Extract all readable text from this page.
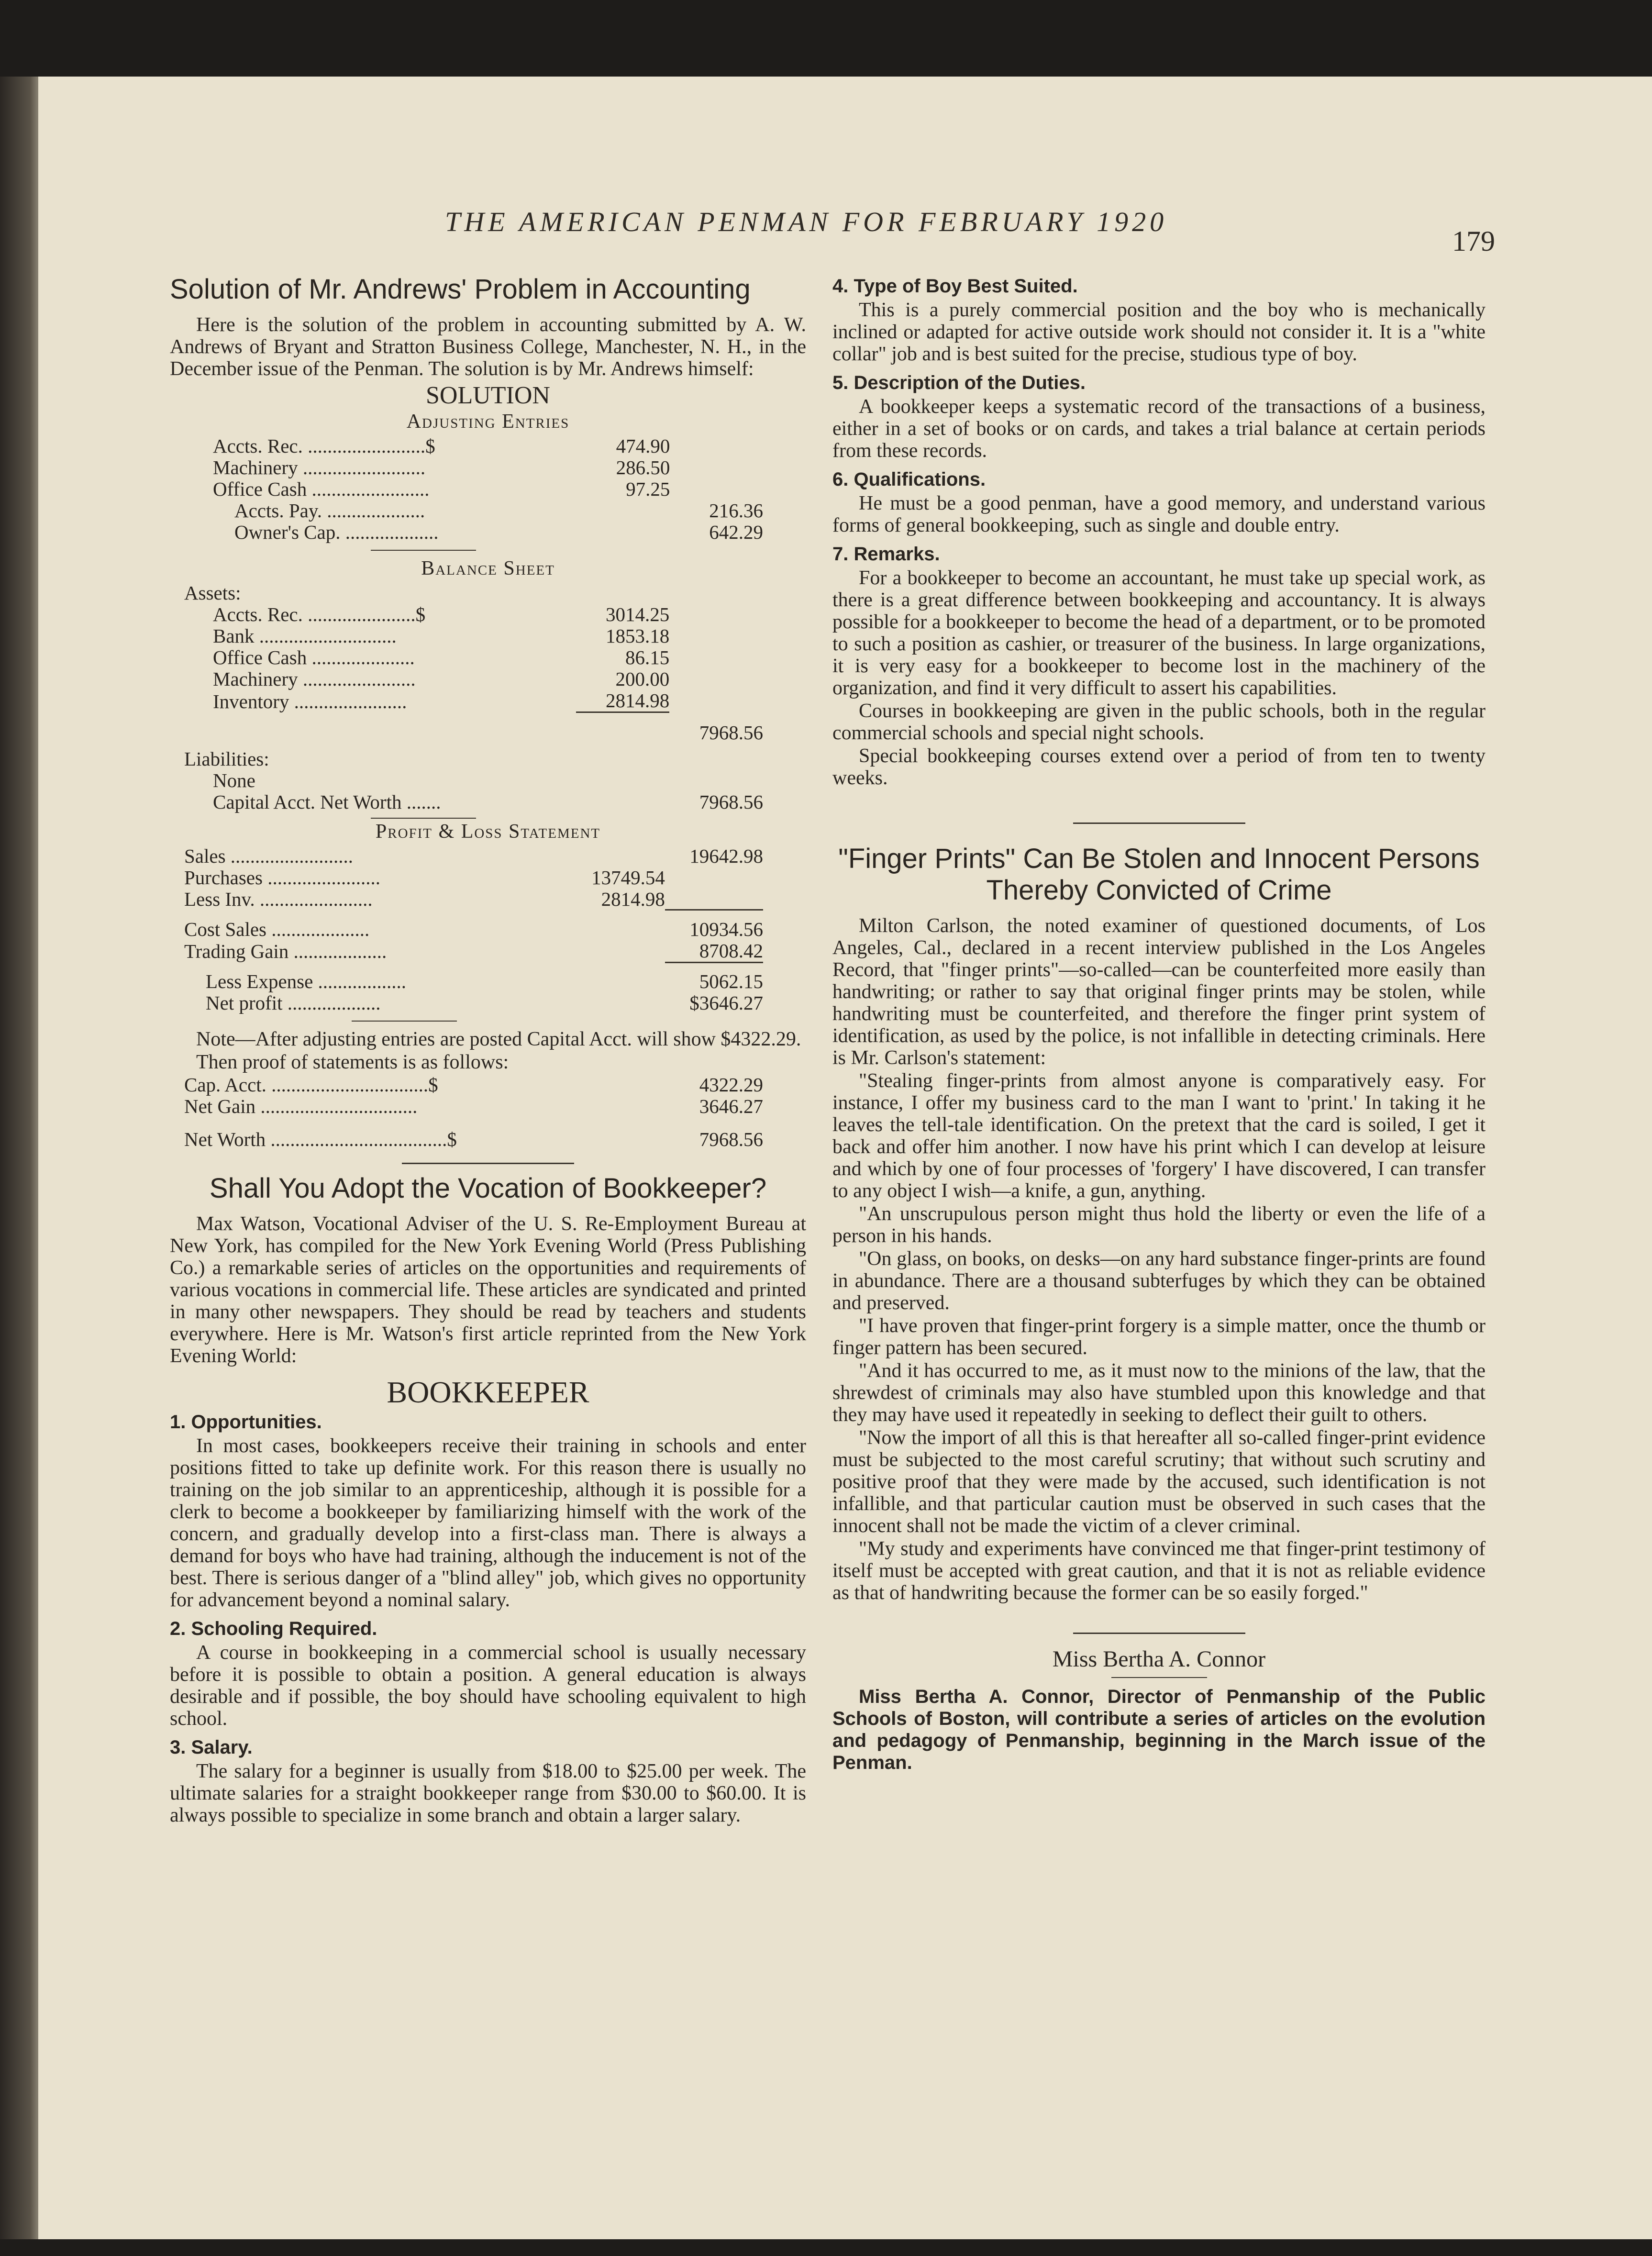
THE AMERICAN PENMAN FOR FEBRUARY 1920
179
Solution of Mr. Andrews' Problem in Accounting

Here is the solution of the problem in accounting submitted by A. W. Andrews of Bryant and Stratton Business College, Manchester, N. H., in the December issue of the Penman. The solution is by Mr. Andrews himself:

SOLUTION
Adjusting Entries
Accts. Rec. ........................$	474.90	
Machinery .........................	286.50	
Office Cash ........................	97.25	
Accts. Pay. ....................		216.36
Owner's Cap. ...................		642.29
Balance Sheet
Assets:		
Accts. Rec. ......................$	3014.25	
Bank ............................	1853.18	
Office Cash .....................	86.15	
Machinery .......................	200.00	
Inventory .......................	2814.98	

		7968.56
Liabilities:		
None		
Capital Acct. Net Worth .......		7968.56
Profit & Loss Statement
Sales .........................		19642.98
Purchases .......................	13749.54	
Less Inv. .......................	2814.98	

Cost Sales ....................		10934.56
Trading Gain ...................		8708.42

Less Expense ..................		5062.15
Net profit ...................		$3646.27

Note—After adjusting entries are posted Capital Acct. will show $4322.29.

Then proof of statements is as follows:

Cap. Acct. ................................$	4322.29
Net Gain ................................	3646.27

Net Worth ....................................$	7968.56
Shall You Adopt the Vocation of Bookkeeper?

Max Watson, Vocational Adviser of the U. S. Re-Employment Bureau at New York, has compiled for the New York Evening World (Press Publishing Co.) a remarkable series of articles on the opportunities and requirements of various vocations in commercial life. These articles are syndicated and printed in many other newspapers. They should be read by teachers and students everywhere. Here is Mr. Watson's first article reprinted from the New York Evening World:

BOOKKEEPER
1. Opportunities.

In most cases, bookkeepers receive their training in schools and enter positions fitted to take up definite work. For this reason there is usually no training on the job similar to an apprenticeship, although it is possible for a clerk to become a bookkeeper by familiarizing himself with the work of the concern, and gradually develop into a first-class man. There is always a demand for boys who have had training, although the inducement is not of the best. There is serious danger of a "blind alley" job, which gives no opportunity for advancement beyond a nominal salary.

2. Schooling Required.

A course in bookkeeping in a commercial school is usually necessary before it is possible to obtain a position. A general education is always desirable and if possible, the boy should have schooling equivalent to high school.

3. Salary.

The salary for a beginner is usually from $18.00 to $25.00 per week. The ultimate salaries for a straight bookkeeper range from $30.00 to $60.00. It is always possible to specialize in some branch and obtain a larger salary.

4. Type of Boy Best Suited.

This is a purely commercial position and the boy who is mechanically inclined or adapted for active outside work should not consider it. It is a "white collar" job and is best suited for the precise, studious type of boy.

5. Description of the Duties.

A bookkeeper keeps a systematic record of the transactions of a business, either in a set of books or on cards, and takes a trial balance at certain periods from these records.

6. Qualifications.

He must be a good penman, have a good memory, and understand various forms of general bookkeeping, such as single and double entry.

7. Remarks.

For a bookkeeper to become an accountant, he must take up special work, as there is a great difference between bookkeeping and accountancy. It is always possible for a bookkeeper to become the head of a department, or to be promoted to such a position as cashier, or treasurer of the business. In large organizations, it is very easy for a bookkeeper to become lost in the machinery of the organization, and find it very difficult to assert his capabilities.

Courses in bookkeeping are given in the public schools, both in the regular commercial schools and special night schools.

Special bookkeeping courses extend over a period of from ten to twenty weeks.

"Finger Prints" Can Be Stolen and Innocent Persons Thereby Convicted of Crime

Milton Carlson, the noted examiner of questioned documents, of Los Angeles, Cal., declared in a recent interview published in the Los Angeles Record, that "finger prints"—so-called—can be counterfeited more easily than handwriting; or rather to say that original finger prints may be stolen, while handwriting must be counterfeited, and therefore the finger print system of identification, as used by the police, is not infallible in detecting criminals. Here is Mr. Carlson's statement:

"Stealing finger-prints from almost anyone is comparatively easy. For instance, I offer my business card to the man I want to 'print.' In taking it he leaves the tell-tale identification. On the pretext that the card is soiled, I get it back and offer him another. I now have his print which I can develop at leisure and which by one of four processes of 'forgery' I have discovered, I can transfer to any object I wish—a knife, a gun, anything.

"An unscrupulous person might thus hold the liberty or even the life of a person in his hands.

"On glass, on books, on desks—on any hard substance finger-prints are found in abundance. There are a thousand subterfuges by which they can be obtained and preserved.

"I have proven that finger-print forgery is a simple matter, once the thumb or finger pattern has been secured.

"And it has occurred to me, as it must now to the minions of the law, that the shrewdest of criminals may also have stumbled upon this knowledge and that they may have used it repeatedly in seeking to deflect their guilt to others.

"Now the import of all this is that hereafter all so-called finger-print evidence must be subjected to the most careful scrutiny; that without such scrutiny and positive proof that they were made by the accused, such identification is not infallible, and that particular caution must be observed in such cases that the innocent shall not be made the victim of a clever criminal.

"My study and experiments have convinced me that finger-print testimony of itself must be accepted with great caution, and that it is not as reliable evidence as that of handwriting because the former can be so easily forged."

Miss Bertha A. Connor

Miss Bertha A. Connor, Director of Penmanship of the Public Schools of Boston, will contribute a series of articles on the evolution and pedagogy of Penmanship, beginning in the March issue of the Penman.
